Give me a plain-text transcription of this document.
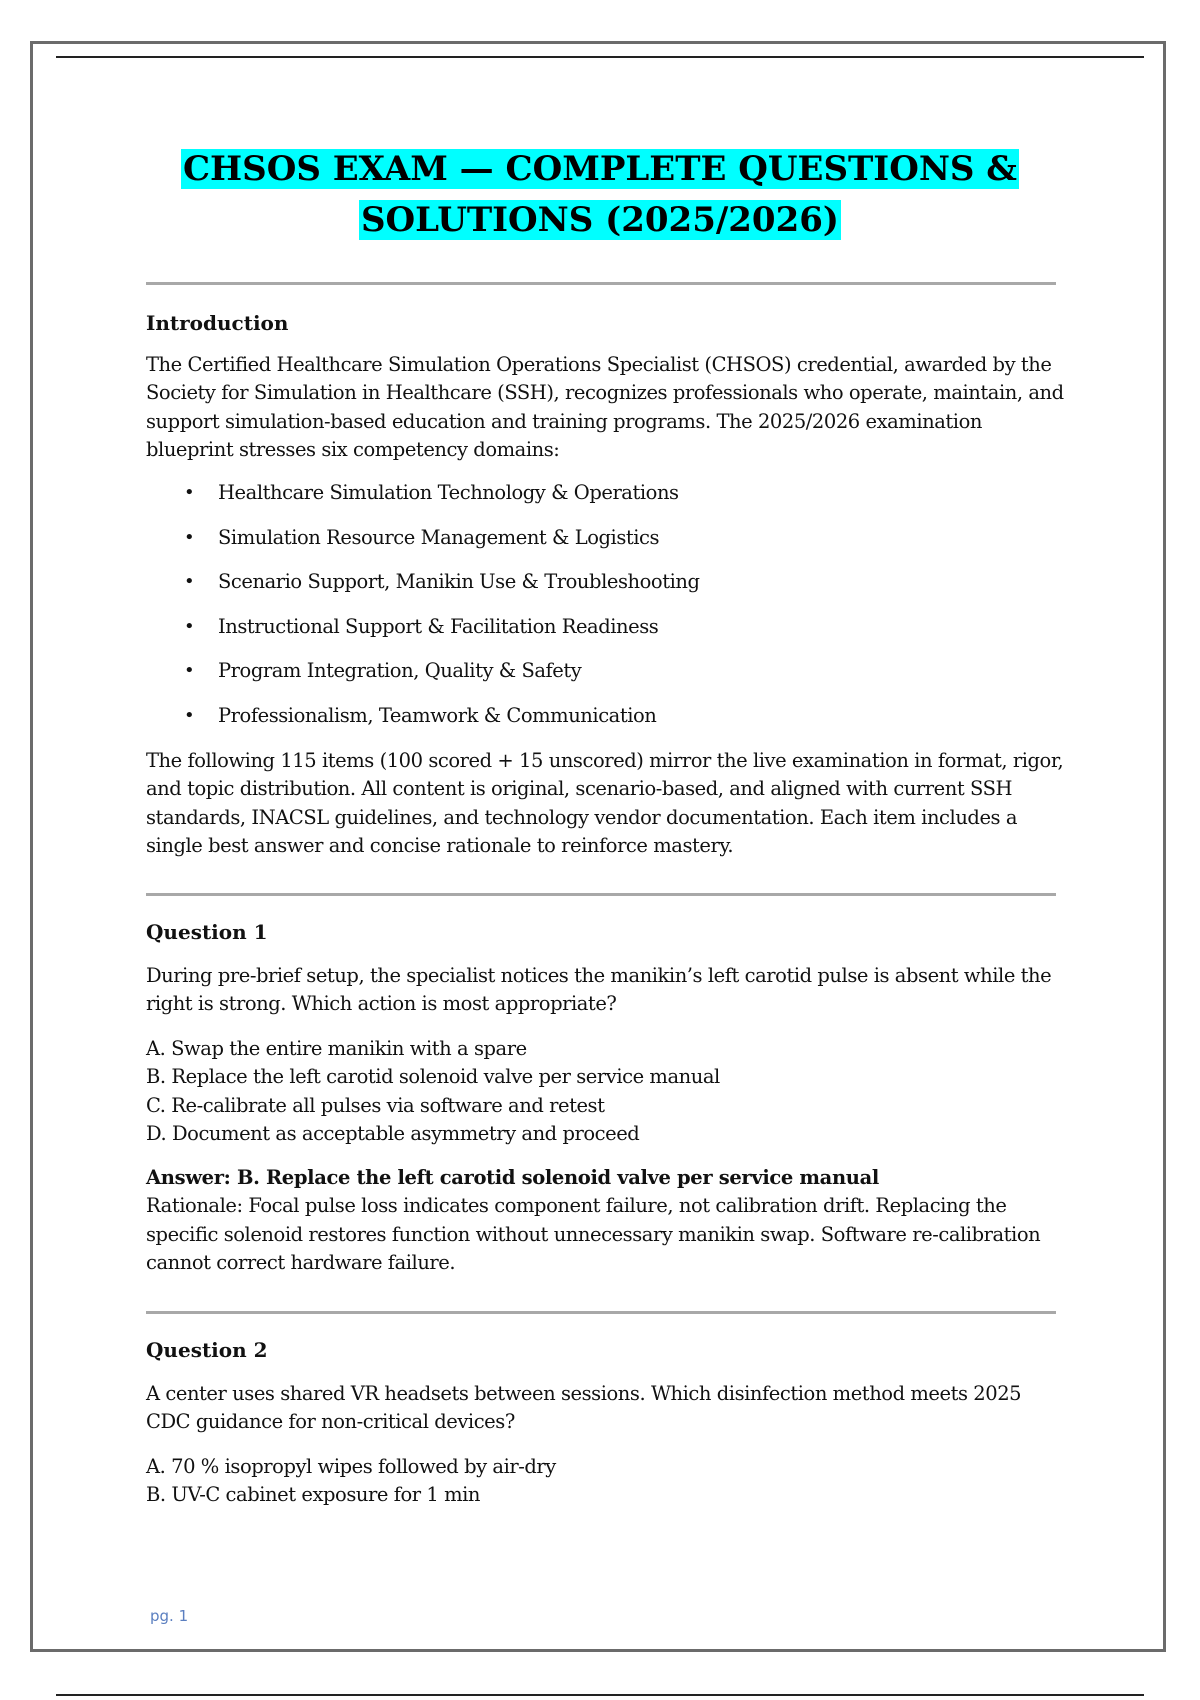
CHSOS EXAM — COMPLETE QUESTIONS &
SOLUTIONS (2025/2026)
Introduction

The Certified Healthcare Simulation Operations Specialist (CHSOS) credential, awarded by the Society for Simulation in Healthcare (SSH), recognizes professionals who operate, maintain, and support simulation-based education and training programs. The 2025/2026 examination blueprint stresses six competency domains:

• Healthcare Simulation Technology & Operations
• Simulation Resource Management & Logistics
• Scenario Support, Manikin Use & Troubleshooting
• Instructional Support & Facilitation Readiness
• Program Integration, Quality & Safety
• Professionalism, Teamwork & Communication

The following 115 items (100 scored + 15 unscored) mirror the live examination in format, rigor, and topic distribution. All content is original, scenario-based, and aligned with current SSH standards, INACSL guidelines, and technology vendor documentation. Each item includes a single best answer and concise rationale to reinforce mastery.

Question 1

During pre-brief setup, the specialist notices the manikin’s left carotid pulse is absent while the right is strong. Which action is most appropriate?

A. Swap the entire manikin with a spare
B. Replace the left carotid solenoid valve per service manual
C. Re-calibrate all pulses via software and retest
D. Document as acceptable asymmetry and proceed
Answer: B. Replace the left carotid solenoid valve per service manual
Rationale: Focal pulse loss indicates component failure, not calibration drift. Replacing the specific solenoid restores function without unnecessary manikin swap. Software re-calibration cannot correct hardware failure.
Question 2

A center uses shared VR headsets between sessions. Which disinfection method meets 2025 CDC guidance for non-critical devices?

A. 70 % isopropyl wipes followed by air-dry
B. UV-C cabinet exposure for 1 min
pg. 1
